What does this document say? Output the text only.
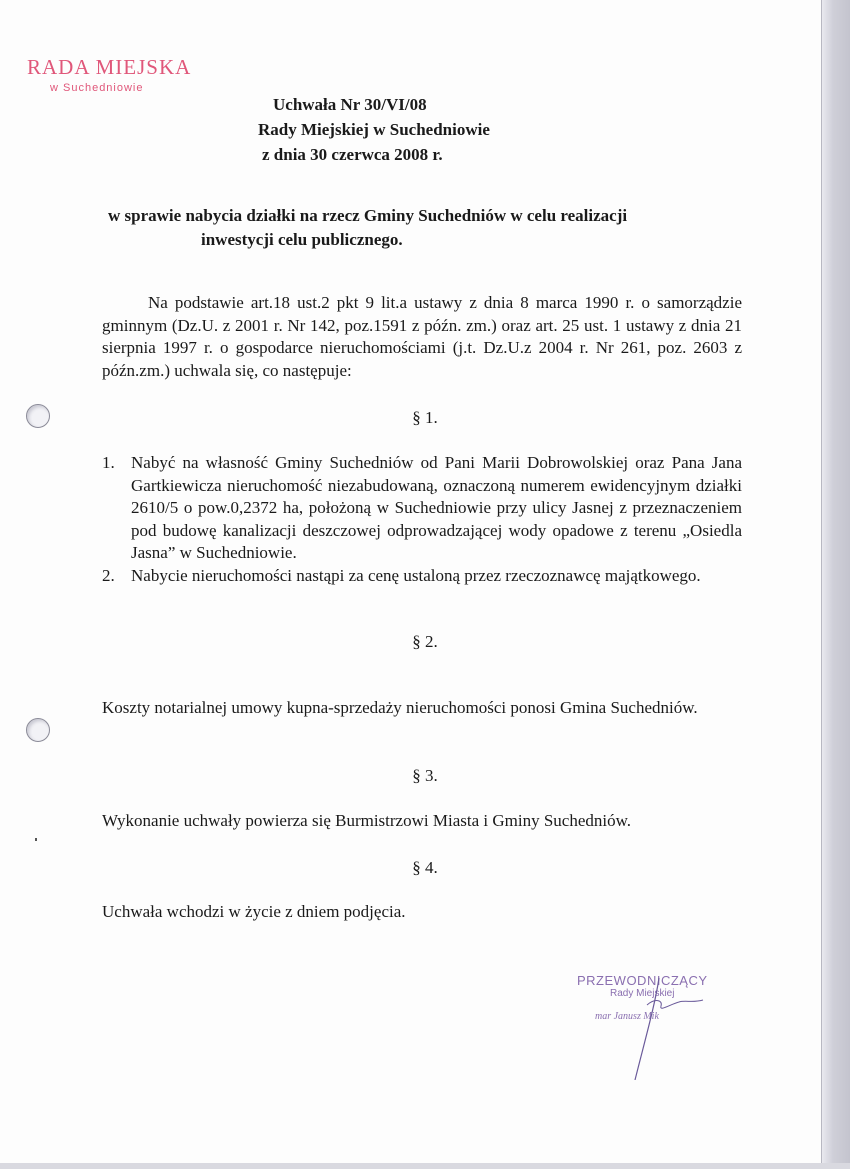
RADA MIEJSKA
w Suchedniowie
Uchwała Nr 30/VI/08
Rady Miejskiej w Suchedniowie
z dnia 30 czerwca 2008 r.
w sprawie nabycia działki na rzecz Gminy Suchedniów w celu realizacji
inwestycji celu publicznego.
Na podstawie art.18 ust.2 pkt 9 lit.a ustawy z dnia 8 marca 1990 r. o samorządzie gminnym (Dz.U. z 2001 r. Nr 142, poz.1591 z późn. zm.) oraz art. 25 ust. 1 ustawy z dnia 21 sierpnia 1997 r. o gospodarce nieruchomościami (j.t. Dz.U.z 2004 r. Nr 261, poz. 2603 z późn.zm.) uchwala się, co następuje:
§ 1.
1. Nabyć na własność Gminy Suchedniów od Pani Marii Dobrowolskiej oraz Pana Jana Gartkiewicza nieruchomość niezabudowaną, oznaczoną numerem ewidencyjnym działki 2610/5 o pow.0,2372 ha, położoną w Suchedniowie przy ulicy Jasnej z przeznaczeniem pod budowę kanalizacji deszczowej odprowadzającej wody opadowe z terenu „Osiedla Jasna” w Suchedniowie.
2. Nabycie nieruchomości nastąpi za cenę ustaloną przez rzeczoznawcę majątkowego.
§ 2.
Koszty notarialnej umowy kupna-sprzedaży nieruchomości ponosi Gmina Suchedniów.
§ 3.
Wykonanie uchwały powierza się Burmistrzowi Miasta i Gminy Suchedniów.
§ 4.
Uchwała wchodzi w życie z dniem podjęcia.
PRZEWODNICZĄCY
Rady Miejskiej
mar Janusz Mik
